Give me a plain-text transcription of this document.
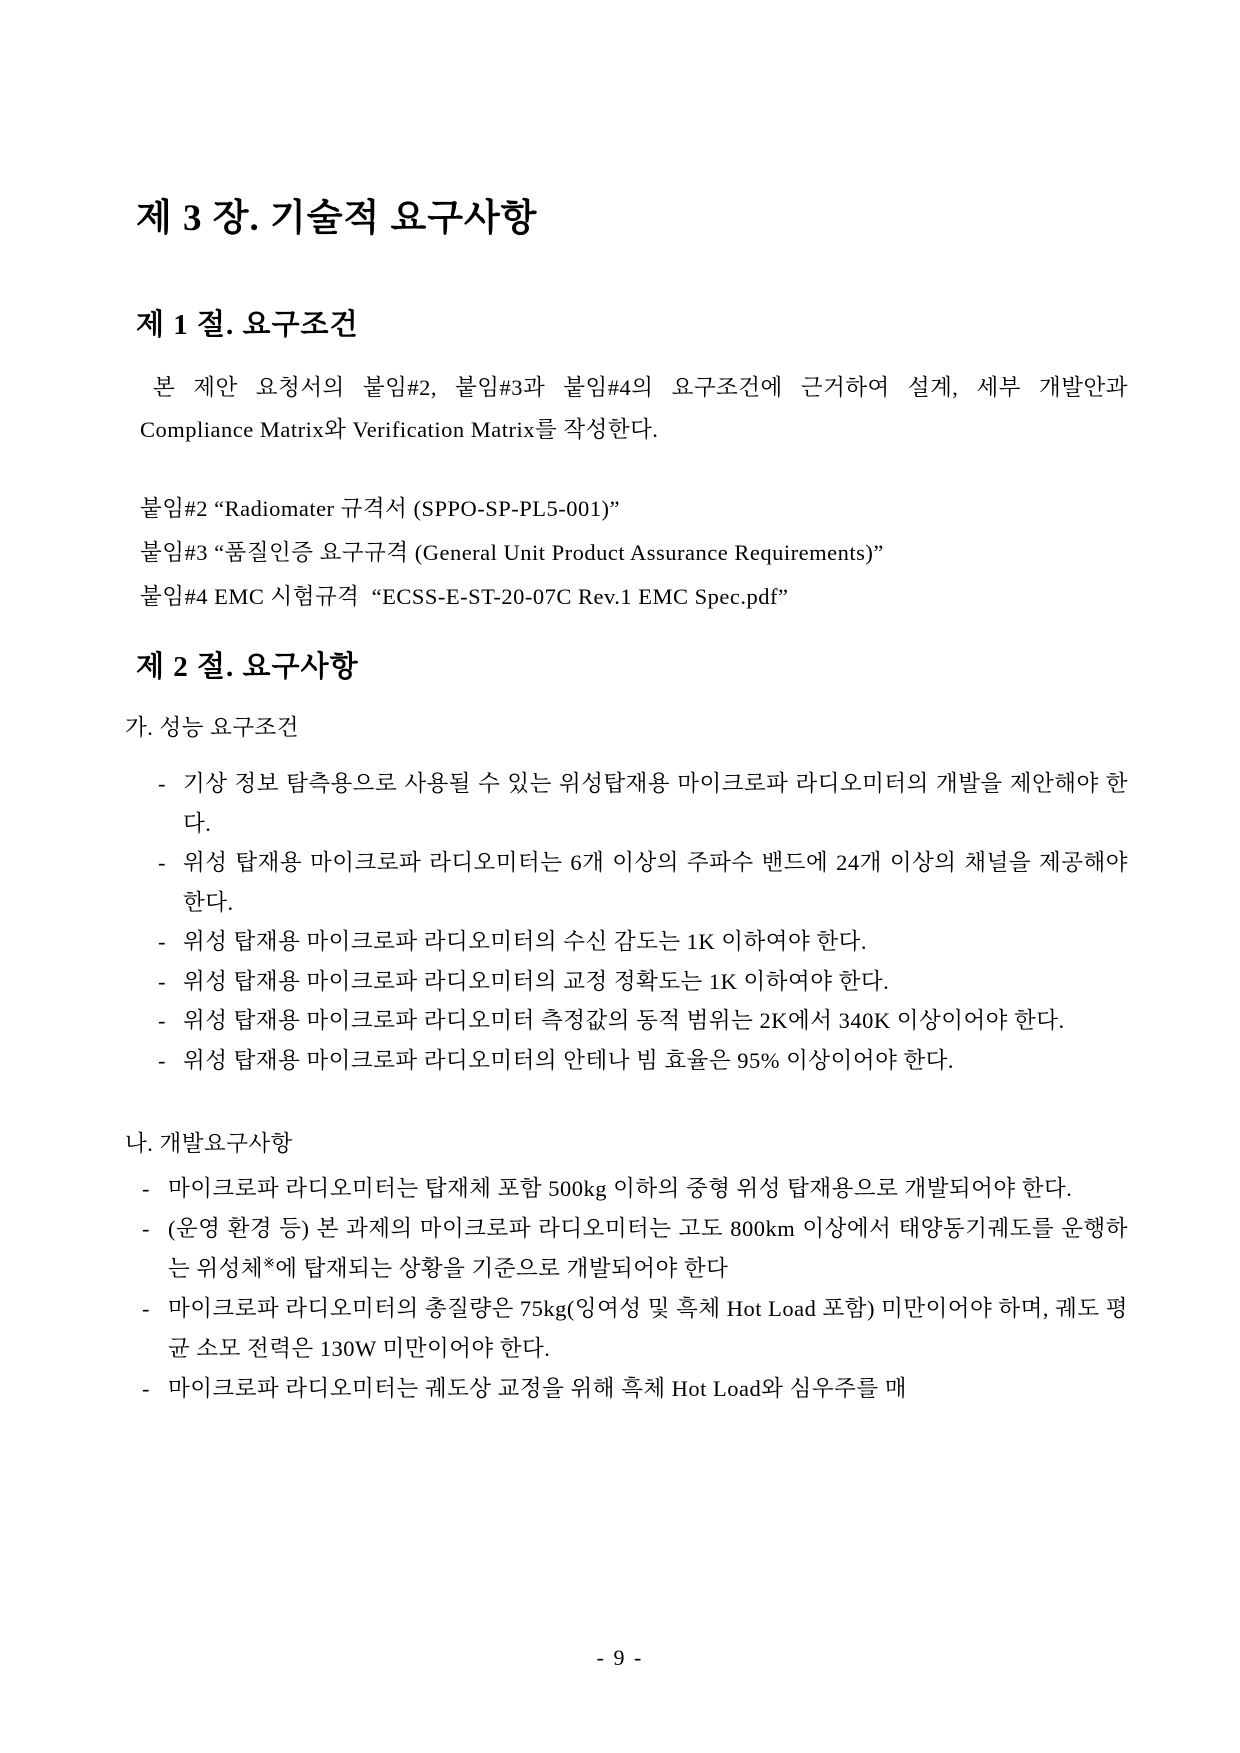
제 3 장. 기술적 요구사항
제 1 절. 요구조건

본 제안 요청서의 붙임#2, 붙임#3과 붙임#4의 요구조건에 근거하여 설계, 세부 개발안과 Compliance Matrix와 Verification Matrix를 작성한다.

붙임#2 “Radiomater 규격서 (SPPO-SP-PL5-001)”

붙임#3 “품질인증 요구규격 (General Unit Product Assurance Requirements)”

붙임#4 EMC 시험규격  “ECSS-E-ST-20-07C Rev.1 EMC Spec.pdf”

제 2 절. 요구사항

가. 성능 요구조건

- 기상 정보 탐측용으로 사용될 수 있는 위성탑재용 마이크로파 라디오미터의 개발을 제안해야 한다.

- 위성 탑재용 마이크로파 라디오미터는 6개 이상의 주파수 밴드에 24개 이상의 채널을 제공해야 한다.

- 위성 탑재용 마이크로파 라디오미터의 수신 감도는 1K 이하여야 한다.

- 위성 탑재용 마이크로파 라디오미터의 교정 정확도는 1K 이하여야 한다.

- 위성 탑재용 마이크로파 라디오미터 측정값의 동적 범위는 2K에서 340K 이상이어야 한다.

- 위성 탑재용 마이크로파 라디오미터의 안테나 빔 효율은 95% 이상이어야 한다.

나. 개발요구사항

- 마이크로파 라디오미터는 탑재체 포함 500kg 이하의 중형 위성 탑재용으로 개발되어야 한다.

- (운영 환경 등) 본 과제의 마이크로파 라디오미터는 고도 800km 이상에서 태양동기궤도를 운행하는 위성체※에 탑재되는 상황을 기준으로 개발되어야 한다

- 마이크로파 라디오미터의 총질량은 75kg(잉여성 및 흑체 Hot Load 포함) 미만이어야 하며, 궤도 평균 소모 전력은 130W 미만이어야 한다.

- 마이크로파 라디오미터는 궤도상 교정을 위해 흑체 Hot Load와 심우주를 매

- 9 -
